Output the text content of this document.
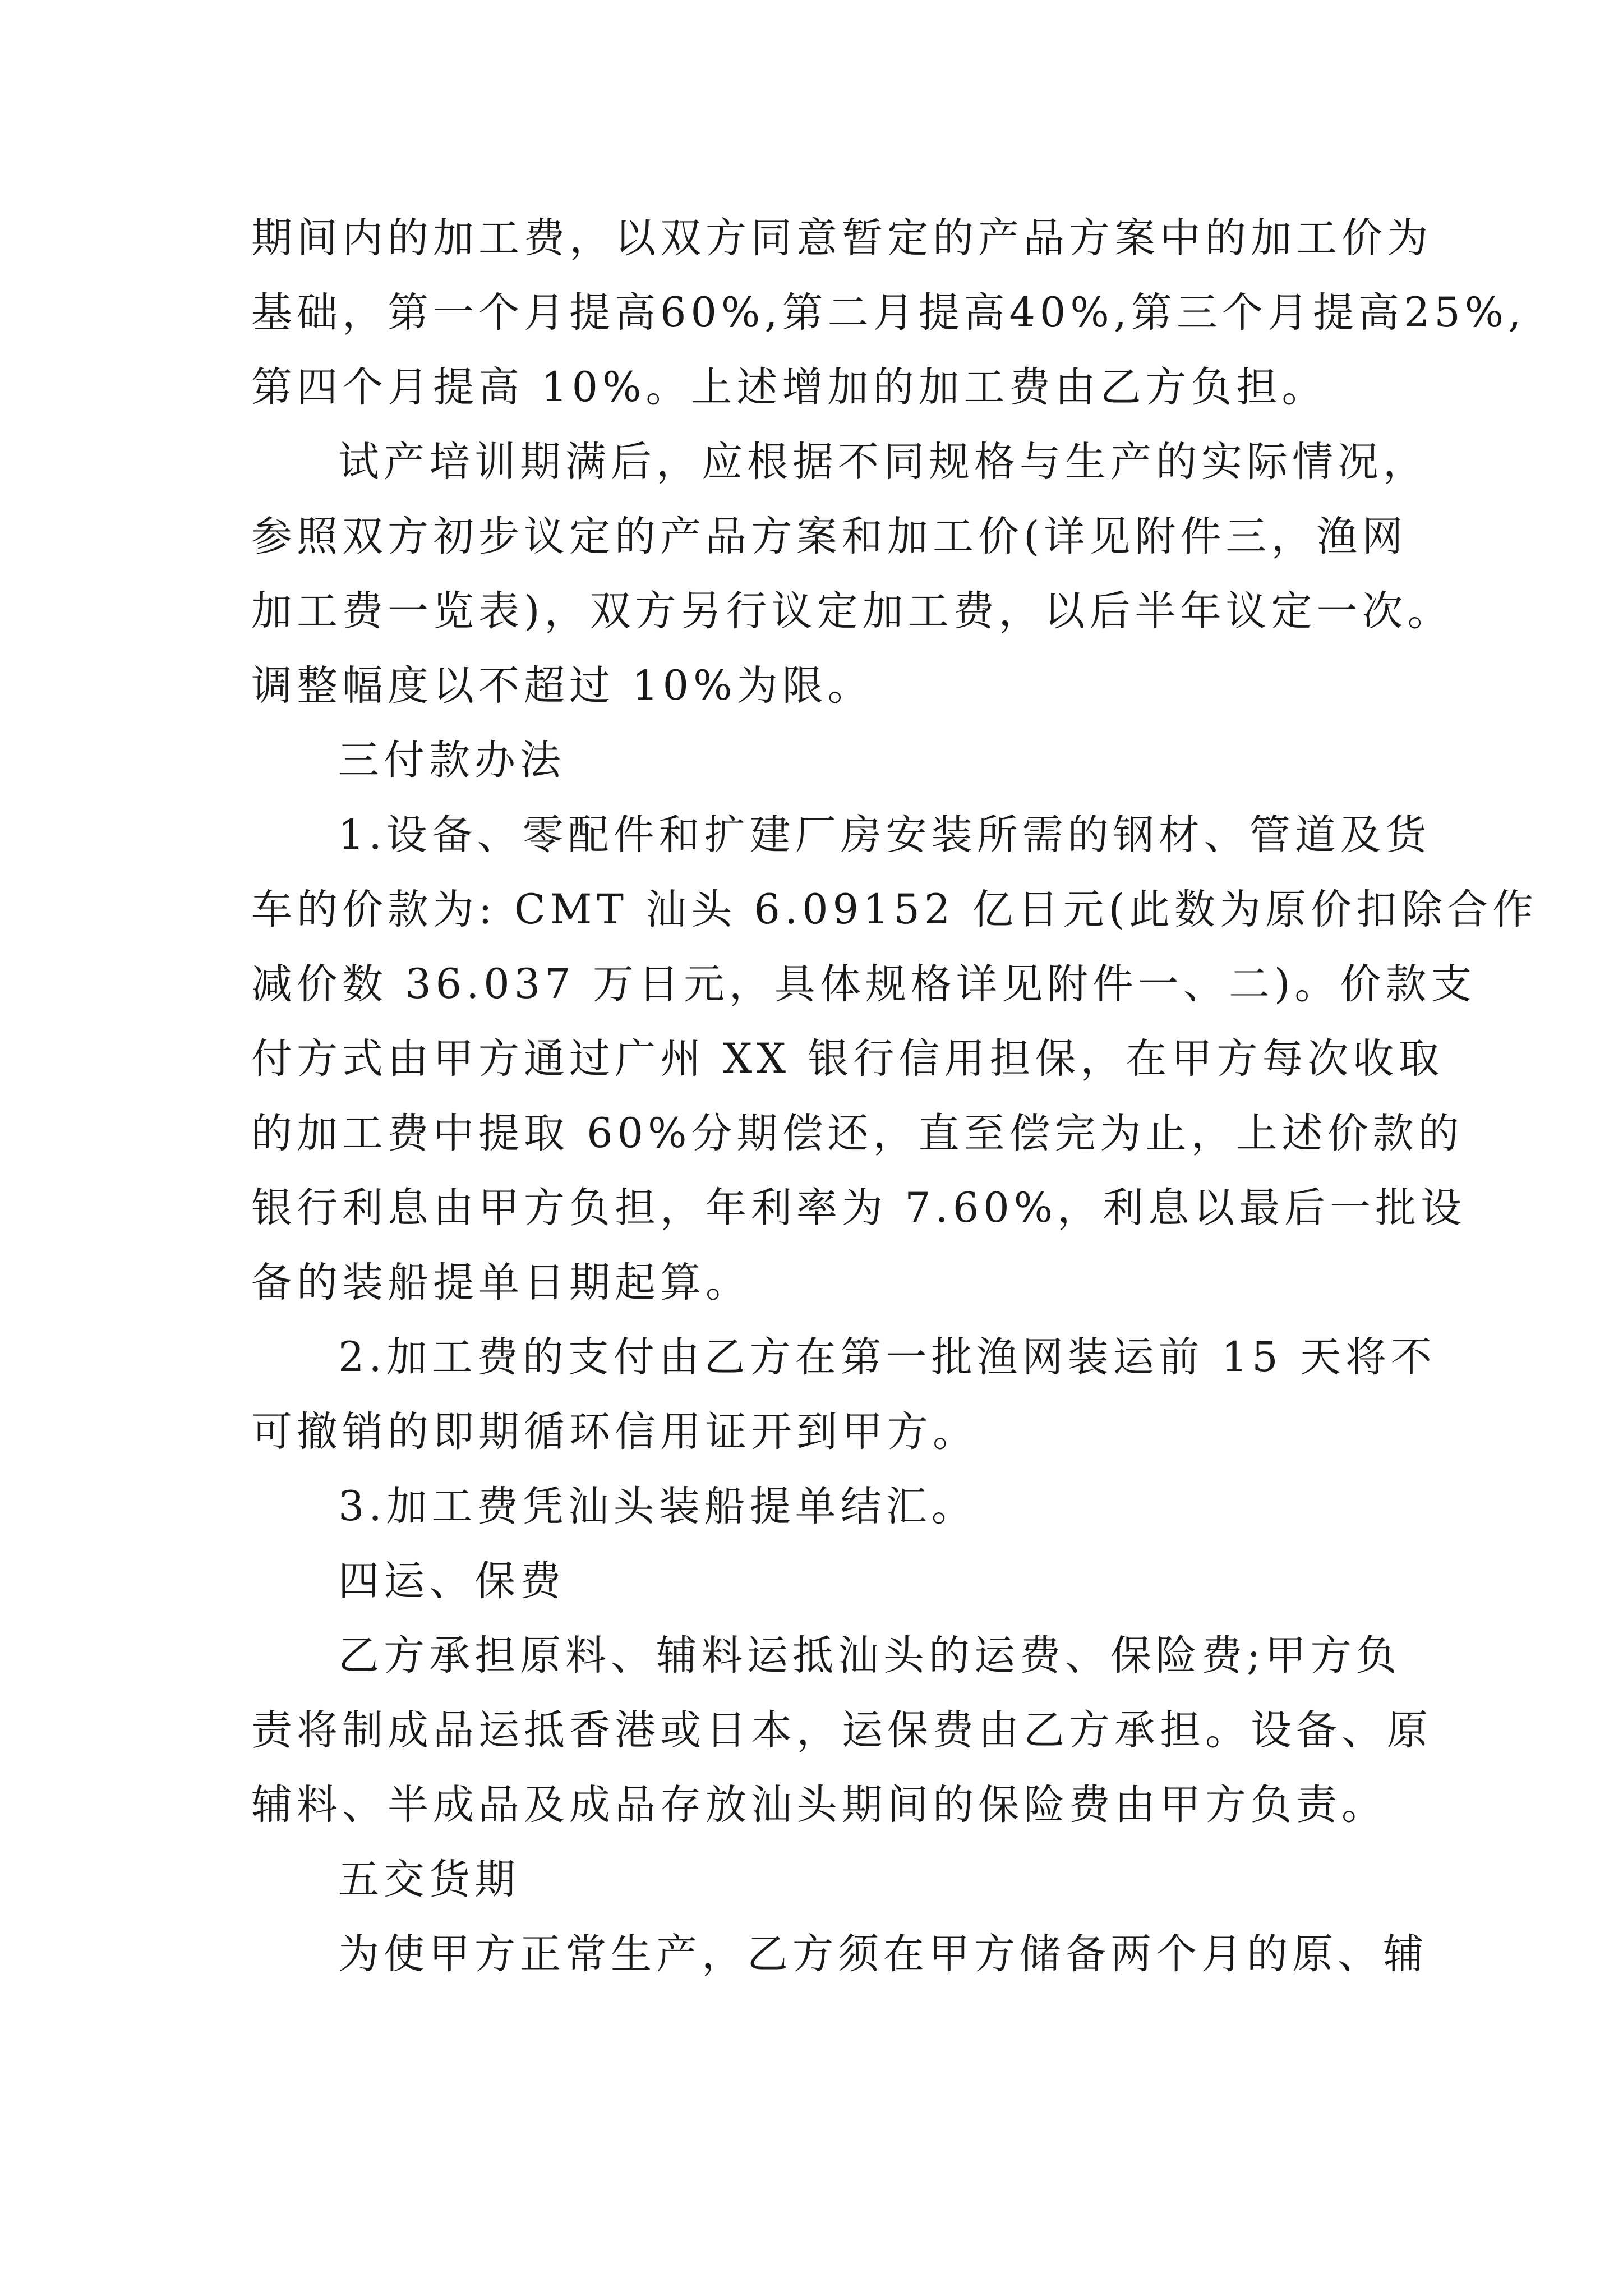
期间内的加工费，以双方同意暂定的产品方案中的加工价为
基础，第一个月提高60%,第二月提高40%,第三个月提高25%,
第四个月提高 10%。上述增加的加工费由乙方负担。

试产培训期满后，应根据不同规格与生产的实际情况，
参照双方初步议定的产品方案和加工价(详见附件三，渔网
加工费一览表)，双方另行议定加工费，以后半年议定一次。
调整幅度以不超过 10%为限。

三付款办法

1.设备、零配件和扩建厂房安装所需的钢材、管道及货
车的价款为: CMT 汕头 6.09152 亿日元(此数为原价扣除合作
减价数 36.037 万日元，具体规格详见附件一、二)。价款支
付方式由甲方通过广州 XX 银行信用担保，在甲方每次收取
的加工费中提取 60%分期偿还，直至偿完为止，上述价款的
银行利息由甲方负担，年利率为 7.60%，利息以最后一批设
备的装船提单日期起算。

2.加工费的支付由乙方在第一批渔网装运前 15 天将不
可撤销的即期循环信用证开到甲方。

3.加工费凭汕头装船提单结汇。

四运、保费

乙方承担原料、辅料运抵汕头的运费、保险费;甲方负
责将制成品运抵香港或日本，运保费由乙方承担。设备、原
辅料、半成品及成品存放汕头期间的保险费由甲方负责。

五交货期

为使甲方正常生产，乙方须在甲方储备两个月的原、辅
